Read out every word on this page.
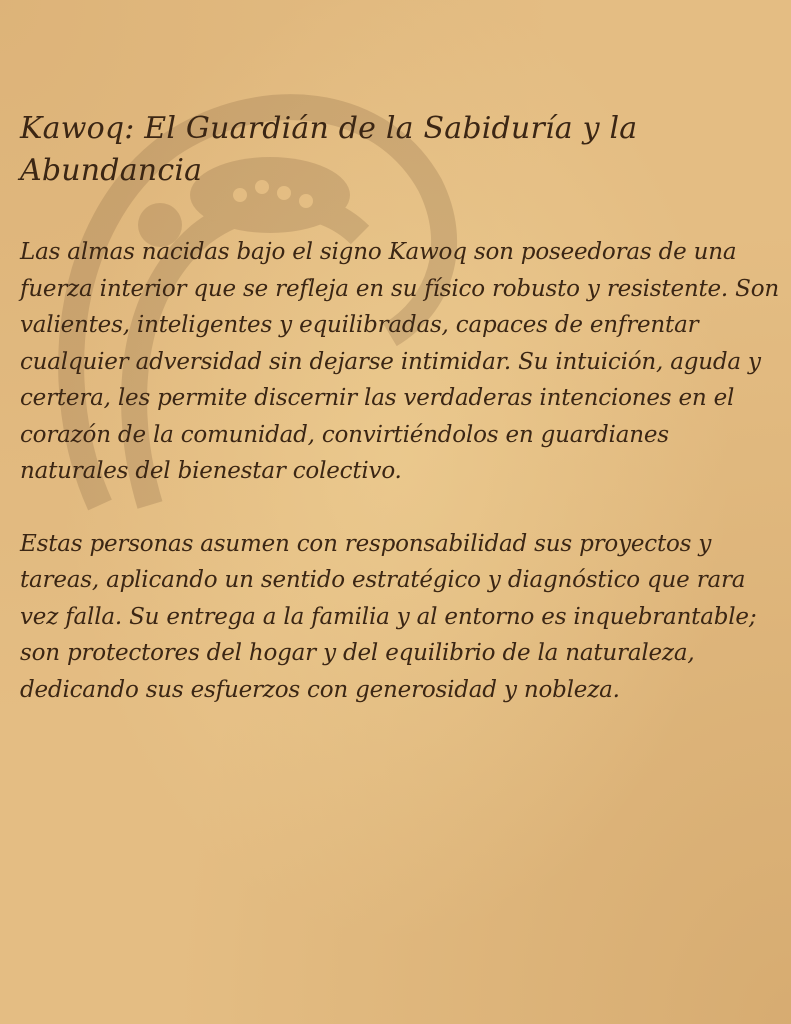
Kawoq: El Guardián de la Sabiduría y la Abundancia

Las almas nacidas bajo el signo Kawoq son poseedoras de una fuerza interior que se refleja en su físico robusto y resistente. Son valientes, inteligentes y equilibradas, capaces de enfrentar cualquier adversidad sin dejarse intimidar. Su intuición, aguda y certera, les permite discernir las verdaderas intenciones en el corazón de la comunidad, convirtiéndolos en guardianes naturales del bienestar colectivo.

Estas personas asumen con responsabilidad sus proyectos y tareas, aplicando un sentido estratégico y diagnóstico que rara vez falla. Su entrega a la familia y al entorno es inquebrantable; son protectores del hogar y del equilibrio de la naturaleza, dedicando sus esfuerzos con generosidad y nobleza.
